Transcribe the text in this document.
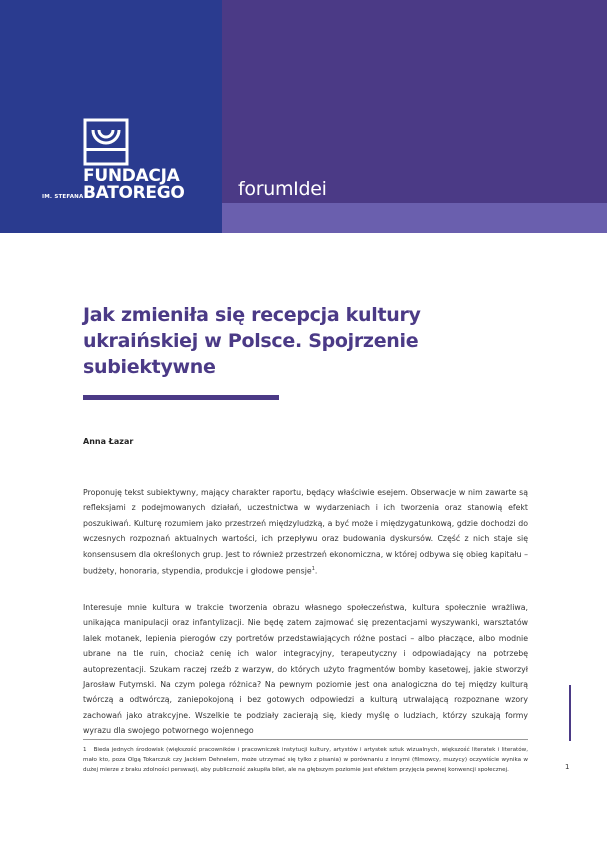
FUNDACJA
BATOREGO
IM. STEFANA	forumIdei
Jak zmieniła się recepcja kultury ukraińskiej w Polsce. Spojrzenie subiektywne
Anna Łazar

Proponuję tekst subiektywny, mający charakter raportu, będący właściwie esejem. Obserwacje w nim zawarte są refleksjami z podejmowanych działań, uczestnictwa w wydarzeniach i ich tworzenia oraz stanowią efekt poszukiwań. Kulturę rozumiem jako przestrzeń międzyludzką, a być może i międzygatunkową, gdzie dochodzi do wczesnych rozpoznań aktualnych wartości, ich przepływu oraz budowania dyskursów. Część z nich staje się konsensusem dla określonych grup. Jest to również przestrzeń ekonomiczna, w której odbywa się obieg kapitału – budżety, honoraria, stypendia, produkcje i głodowe pensje$^1$.

Interesuje mnie kultura w trakcie tworzenia obrazu własnego społeczeństwa, kultura społecznie wrażliwa, unikająca manipulacji oraz infantylizacji. Nie będę zatem zajmować się prezentacjami wyszywanki, warsztatów lalek motanek, lepienia pierogów czy portretów przedstawiających różne postaci – albo płaczące, albo modnie ubrane na tle ruin, chociaż cenię ich walor integracyjny, terapeutyczny i odpowiadający na potrzebę autoprezentacji. Szukam raczej rzeźb z warzyw, do których użyto fragmentów bomby kasetowej, jakie stworzył Jarosław Futymski. Na czym polega różnica? Na pewnym poziomie jest ona analogiczna do tej między kulturą twórczą a odtwórczą, zaniepokojoną i bez gotowych odpowiedzi a kulturą utrwalającą rozpoznane wzory zachowań jako atrakcyjne. Wszelkie te podziały zacierają się, kiedy myślę o ludziach, którzy szukają formy wyrazu dla swojego potwornego wojennego

1 Bieda jednych środowisk (większość pracowników i pracowniczek instytucji kultury, artystów i artystek sztuk wizualnych, większość literatek i literatów, mało kto, poza Olgą Tokarczuk czy Jackiem Dehnelem, może utrzymać się tylko z pisania) w porównaniu z innymi (filmowcy, muzycy) oczywiście wynika w dużej mierze z braku zdolności perswazji, aby publiczność zakupiła bilet, ale na głębszym poziomie jest efektem przyjęcia pewnej konwencji społecznej.	1
